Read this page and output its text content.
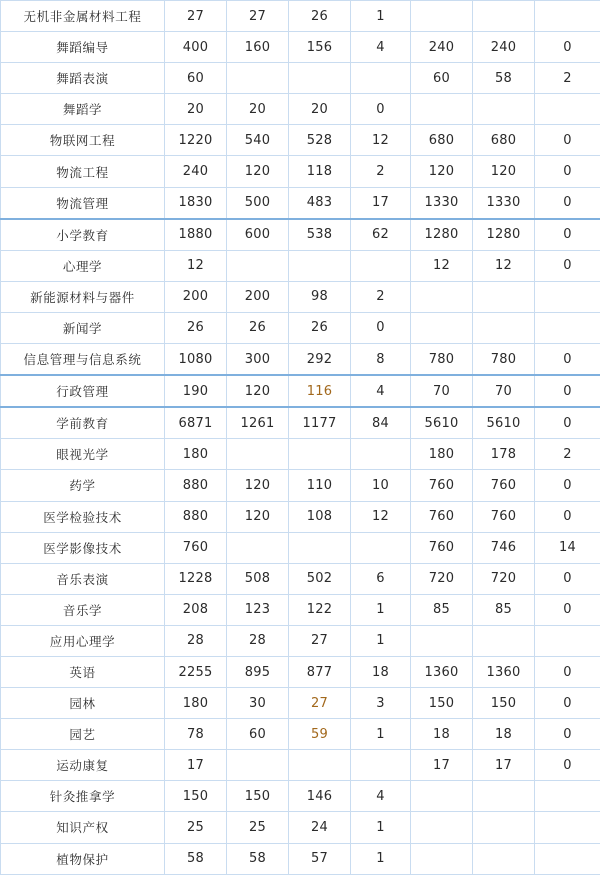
无机非金属材料工程	27	27	26	1			
舞蹈编导	400	160	156	4	240	240	0
舞蹈表演	60				60	58	2
舞蹈学	20	20	20	0			
物联网工程	1220	540	528	12	680	680	0
物流工程	240	120	118	2	120	120	0
物流管理	1830	500	483	17	1330	1330	0
小学教育	1880	600	538	62	1280	1280	0
心理学	12				12	12	0
新能源材料与器件	200	200	98	2			
新闻学	26	26	26	0			
信息管理与信息系统	1080	300	292	8	780	780	0
行政管理	190	120	116	4	70	70	0
学前教育	6871	1261	1177	84	5610	5610	0
眼视光学	180				180	178	2
药学	880	120	110	10	760	760	0
医学检验技术	880	120	108	12	760	760	0
医学影像技术	760				760	746	14
音乐表演	1228	508	502	6	720	720	0
音乐学	208	123	122	1	85	85	0
应用心理学	28	28	27	1			
英语	2255	895	877	18	1360	1360	0
园林	180	30	27	3	150	150	0
园艺	78	60	59	1	18	18	0
运动康复	17				17	17	0
针灸推拿学	150	150	146	4			
知识产权	25	25	24	1			
植物保护	58	58	57	1			
